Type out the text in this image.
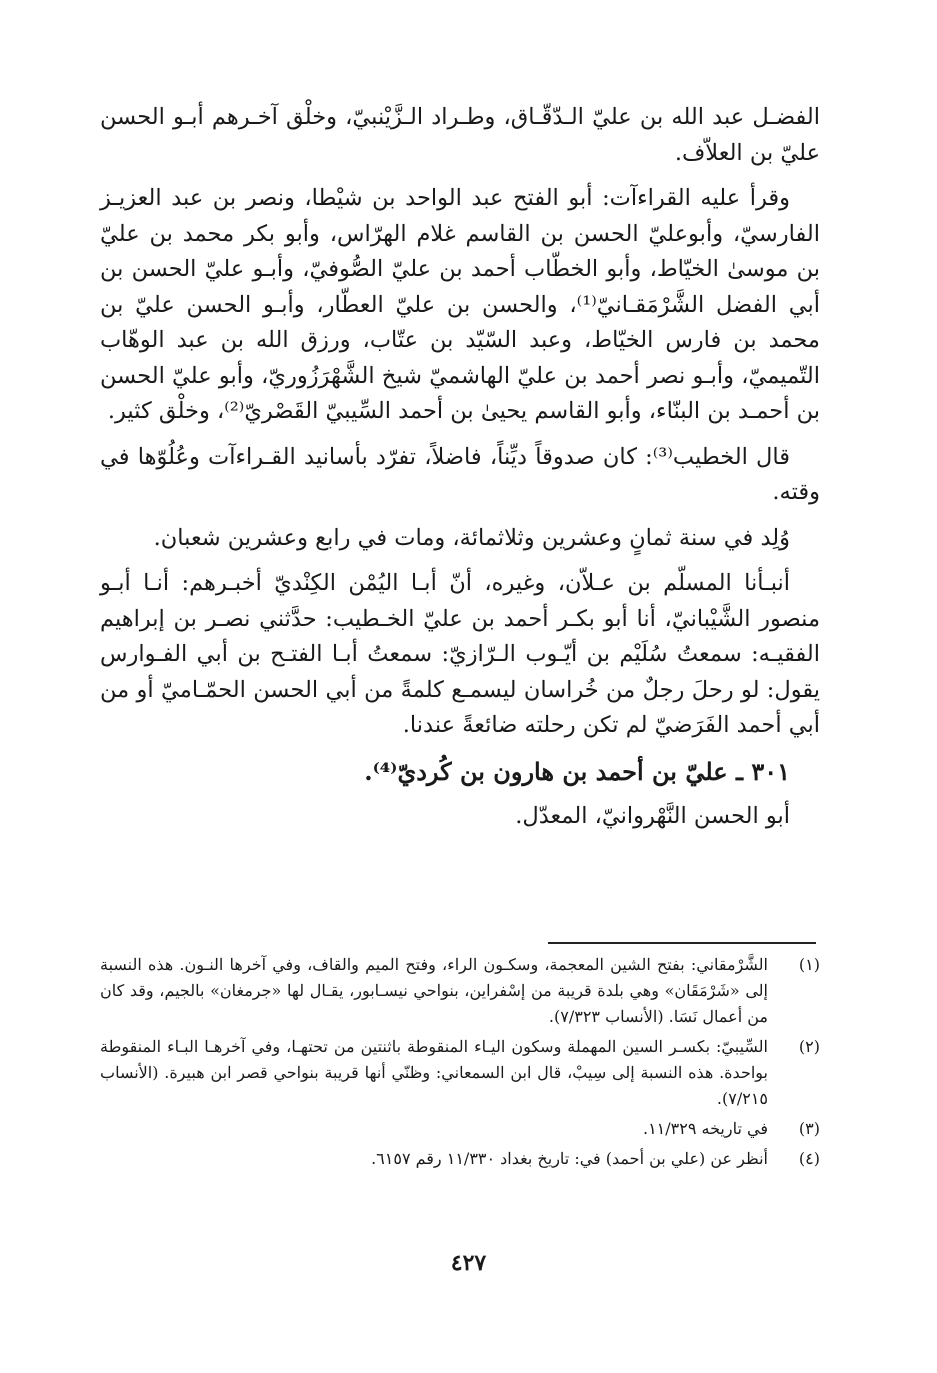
الفضـل عبد الله بن عليّ الـدّقّـاق، وطـراد الـزَّيْنبيّ، وخلْق آخـرهم أبـو الحسن عليّ بن العلاّف.

وقرأ عليه القراءآت: أبو الفتح عبد الواحد بن شيْطا، ونصر بن عبد العزيـز الفارسيّ، وأبوعليّ الحسن بن القاسم غلام الهرّاس، وأبو بكر محمد بن عليّ بن موسىٰ الخيّاط، وأبو الخطّاب أحمد بن عليّ الصُّوفيّ، وأبـو عليّ الحسن بن أبي الفضل الشَّرْمَقـانيّ⁽¹⁾، والحسن بن عليّ العطّار، وأبـو الحسن عليّ بن محمد بن فارس الخيّاط، وعبد السّيّد بن عتّاب، ورزق الله بن عبد الوهّاب التّميميّ، وأبـو نصر أحمد بن عليّ الهاشميّ شيخ الشَّهْرَزُوريّ، وأبو عليّ الحسن بن أحمـد بن البنّاء، وأبو القاسم يحيىٰ بن أحمد السِّيبيّ القَصْريّ⁽²⁾، وخلْق كثير.

قال الخطيب⁽³⁾: كان صدوقاً ديِّناً، فاضلاً، تفرّد بأسانيد القـراءآت وعُلُوّها في وقته.

وُلِد في سنة ثمانٍ وعشرين وثلاثمائة، ومات في رابع وعشرين شعبان.

أنبـأنا المسلّم بن عـلاّن، وغيره، أنّ أبـا اليُمْن الكِنْديّ أخبـرهم: أنـا أبـو منصور الشَّيْبانيّ، أنا أبو بكـر أحمد بن عليّ الخـطيب: حدَّثني نصـر بن إبراهيم الفقيـه: سمعتُ سُلَيْم بن أيّـوب الـرّازيّ: سمعتُ أبـا الفتـح بن أبي الفـوارس يقول: لو رحلَ رجلٌ من خُراسان ليسمـع كلمةً من أبي الحسن الحمّـاميّ أو من أبي أحمد الفَرَضيّ لم تكن رحلته ضائعةً عندنا.

٣٠١ ـ عليّ بن أحمد بن هارون بن كُرديّ⁽⁴⁾.

أبو الحسن النَّهْروانيّ، المعدّل.

(١)
الشَّرْمقاني: بفتح الشين المعجمة، وسكـون الراء، وفتح الميم والقاف، وفي آخرها النـون. هذه النسبة إلى «شَرْمَقَان» وهي بلدة قريبة من إسْفراين، بنواحي نيسـابور، يقـال لها «جرمغان» بالجيم، وقد كان من أعمال نَسَا. (الأنساب ٧/٣٢٣).
(٢)
السِّيبيّ: بكسـر السين المهملة وسكون اليـاء المنقوطة باثنتين من تحتهـا، وفي آخرهـا البـاء المنقوطة بواحدة. هذه النسبة إلى سِيبْ، قال ابن السمعاني: وظنّي أنها قريبة بنواحي قصر ابن هبيرة. (الأنساب ٧/٢١٥).
(٣)
في تاريخه ١١/٣٢٩.
(٤)
أنظر عن (علي بن أحمد) في: تاريخ بغداد ١١/٣٣٠ رقم ٦١٥٧.
٤٢٧
